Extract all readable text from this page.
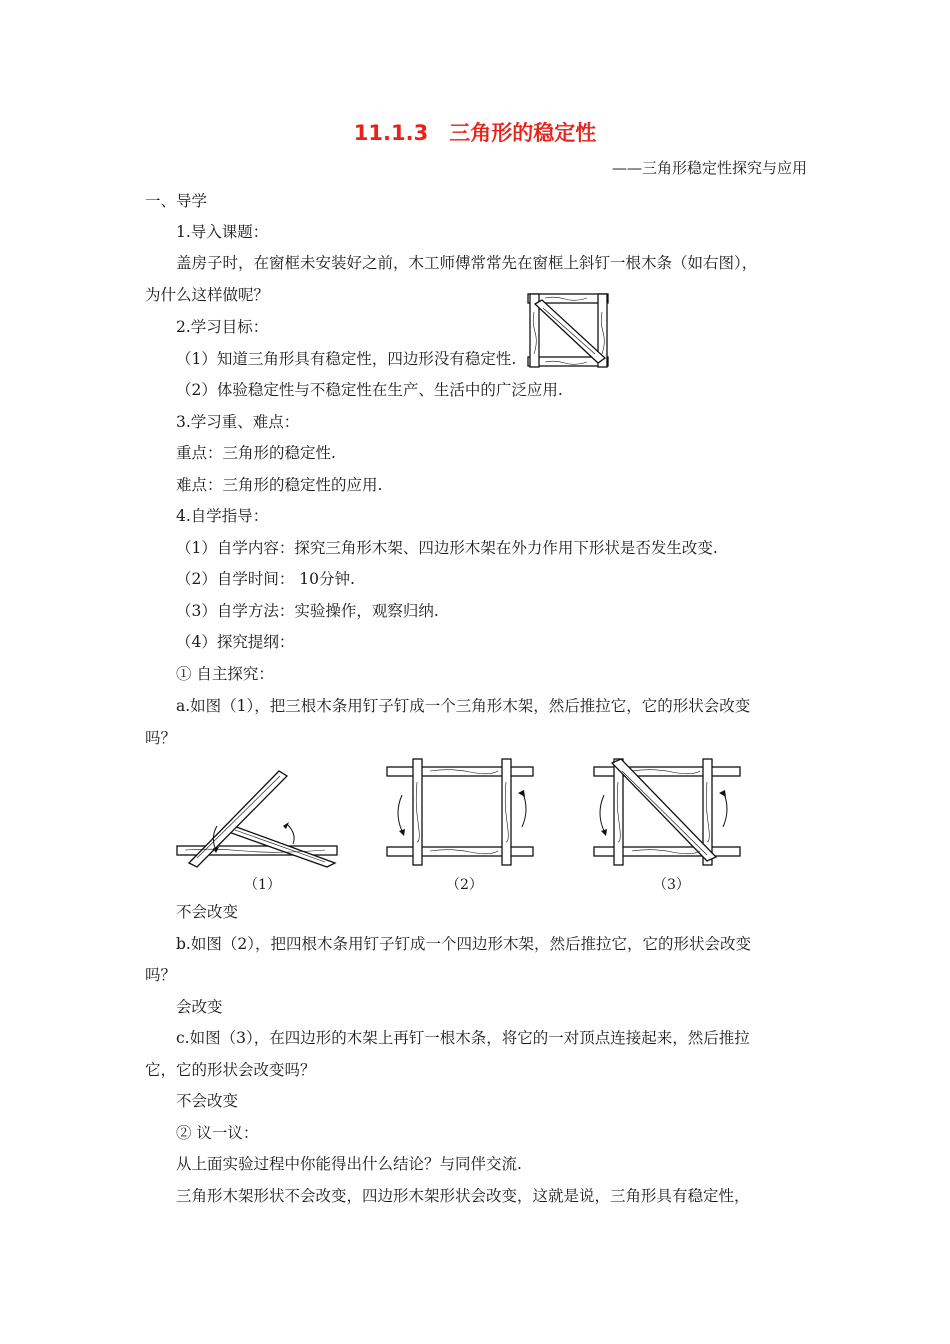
11.1.3　三角形的稳定性
——三角形稳定性探究与应用
一、导学
1.导入课题：
盖房子时，在窗框未安装好之前，木工师傅常常先在窗框上斜钉一根木条（如右图），
为什么这样做呢？
2.学习目标：
（1）知道三角形具有稳定性，四边形没有稳定性.
（2）体验稳定性与不稳定性在生产、生活中的广泛应用.
3.学习重、难点：
重点：三角形的稳定性.
难点：三角形的稳定性的应用.
4.自学指导：
（1）自学内容：探究三角形木架、四边形木架在外力作用下形状是否发生改变.
（2）自学时间： 10分钟.
（3）自学方法：实验操作，观察归纳.
（4）探究提纲：
① 自主探究：
a.如图（1），把三根木条用钉子钉成一个三角形木架，然后推拉它，它的形状会改变
吗？
（1）	（2）	（3）
不会改变
b.如图（2），把四根木条用钉子钉成一个四边形木架，然后推拉它，它的形状会改变
吗？
会改变
c.如图（3），在四边形的木架上再钉一根木条，将它的一对顶点连接起来，然后推拉
它，它的形状会改变吗？
不会改变
② 议一议：
从上面实验过程中你能得出什么结论？与同伴交流.
三角形木架形状不会改变，四边形木架形状会改变，这就是说，三角形具有稳定性，
